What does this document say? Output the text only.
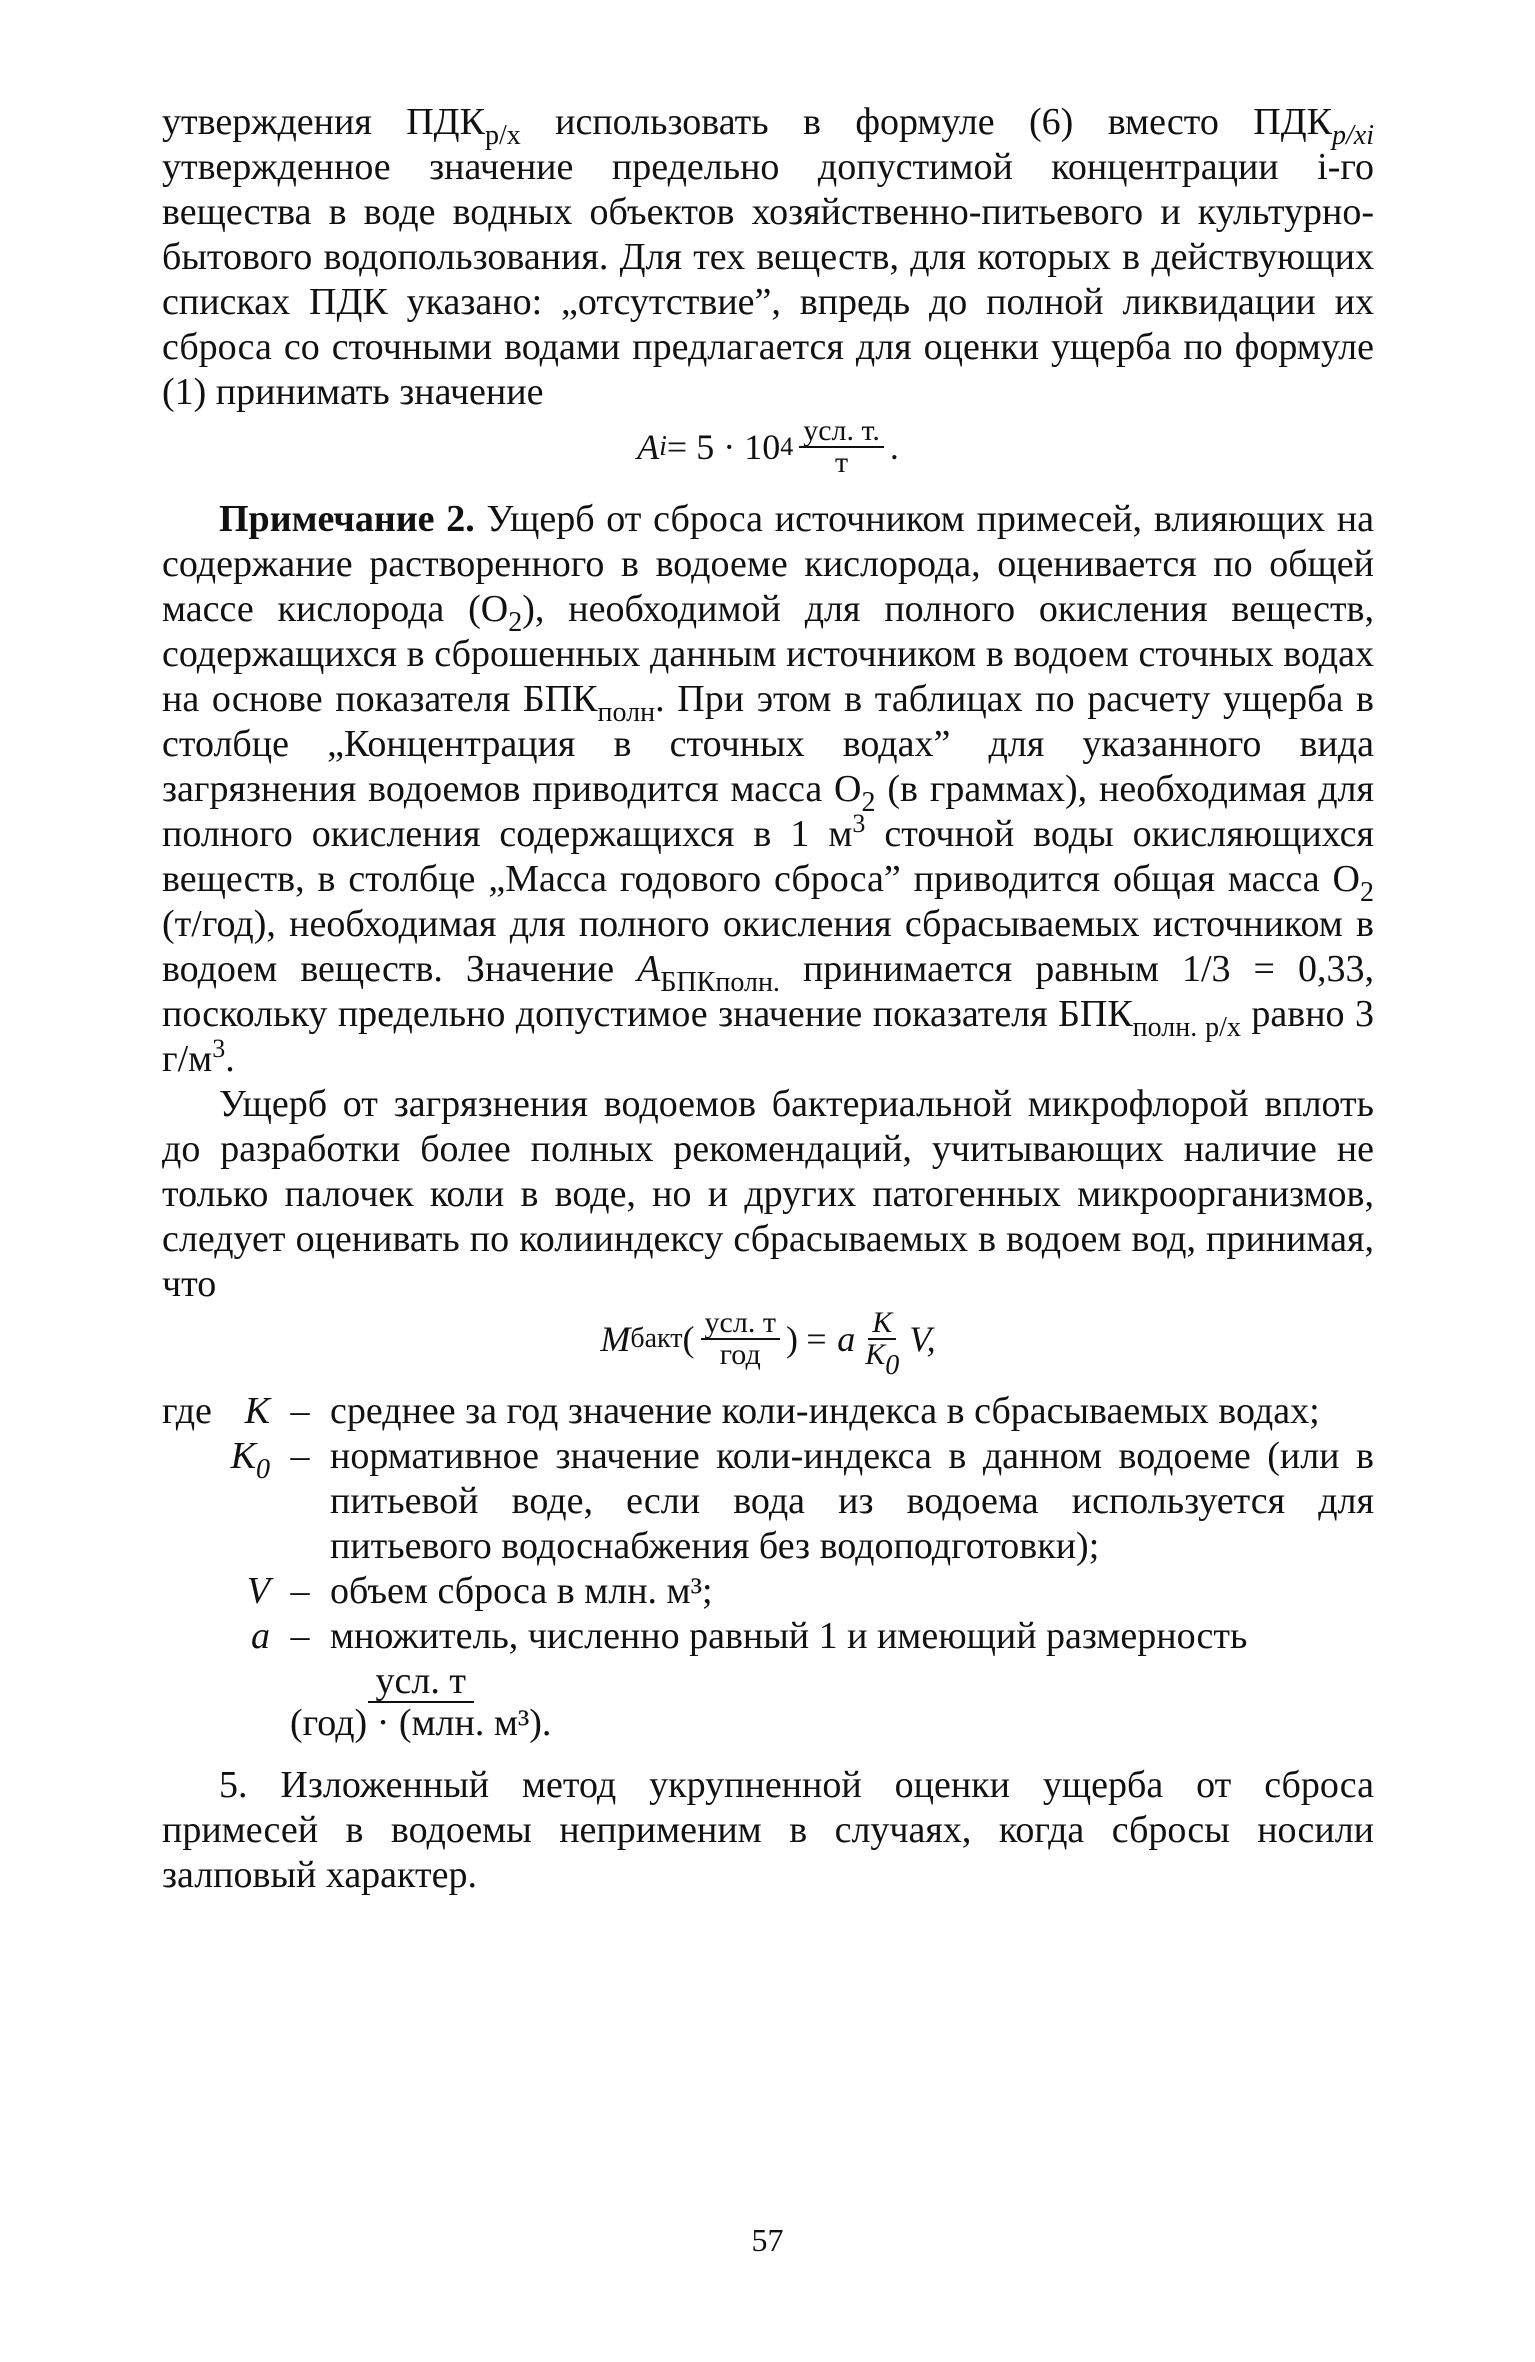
утверждения $ПДК_{р/х}$ использовать в формуле (6) вместо $ПДК_{р/хi}$ утвержденное значение предельно допустимой концентрации i-го вещества в воде водных объектов хозяйственно-питьевого и культурно-бытового водопользования. Для тех веществ, для которых в действующих списках ПДК указано: „отсутствие”, впредь до полной ликвидации их сброса со сточными водами предлагается для оценки ущерба по формуле (1) принимать значение

A i = 5 · 10 $4 \frac{\text{усл. т.}}{т}$ .

Примечание 2. Ущерб от сброса источником примесей, влияющих на содержание растворенного в водоеме кислорода, оценивается по общей массе кислорода $(О_2)$, необходимой для полного окисления веществ, содержащихся в сброшенных данным источником в водоем сточных водах на основе показателя $БПК_{полн}$. При этом в таблицах по расчету ущерба в столбце „Концентрация в сточных водах” для указанного вида загрязнения водоемов приводится масса $О_2$ (в граммах), необходимая для полного окисления содержащихся в 1 $м^3$ сточной воды окисляющихся веществ, в столбце „Масса годового сброса” приводится общая масса $О_2$ (т/год), необходимая для полного окисления сбрасываемых источником в водоем веществ. Значение $A_{БПКполн.}$ принимается равным 1/3 = 0,33, поскольку предельно допустимое значение показателя $БПК_{полн. р/х}$ равно 3 $г/м^3$.

Ущерб от загрязнения водоемов бактериальной микрофлорой вплоть до разработки более полных рекомендаций, учитывающих наличие не только палочек коли в воде, но и других патогенных микроорганизмов, следует оценивать по колииндексу сбрасываемых в водоем вод, принимая, что

M бакт ( $\frac{\text{усл. т}}{\text{год}}$ ) = a $\frac{K}{K0} V$,
где K – среднее за год значение коли-индекса в сбрасываемых водах;
$K_0$ – нормативное значение коли-индекса в данном водоеме (или в питьевой воде, если вода из водоема используется для питьевого водоснабжения без водоподготовки);
V – объем сброса в млн. м³;
a – множитель, численно равный 1 и имеющий размерность
$\frac{\text{усл. т}}{\text{(год) · (млн. м³).}}$

5. Изложенный метод укрупненной оценки ущерба от сброса примесей в водоемы неприменим в случаях, когда сбросы носили залповый характер.

57
